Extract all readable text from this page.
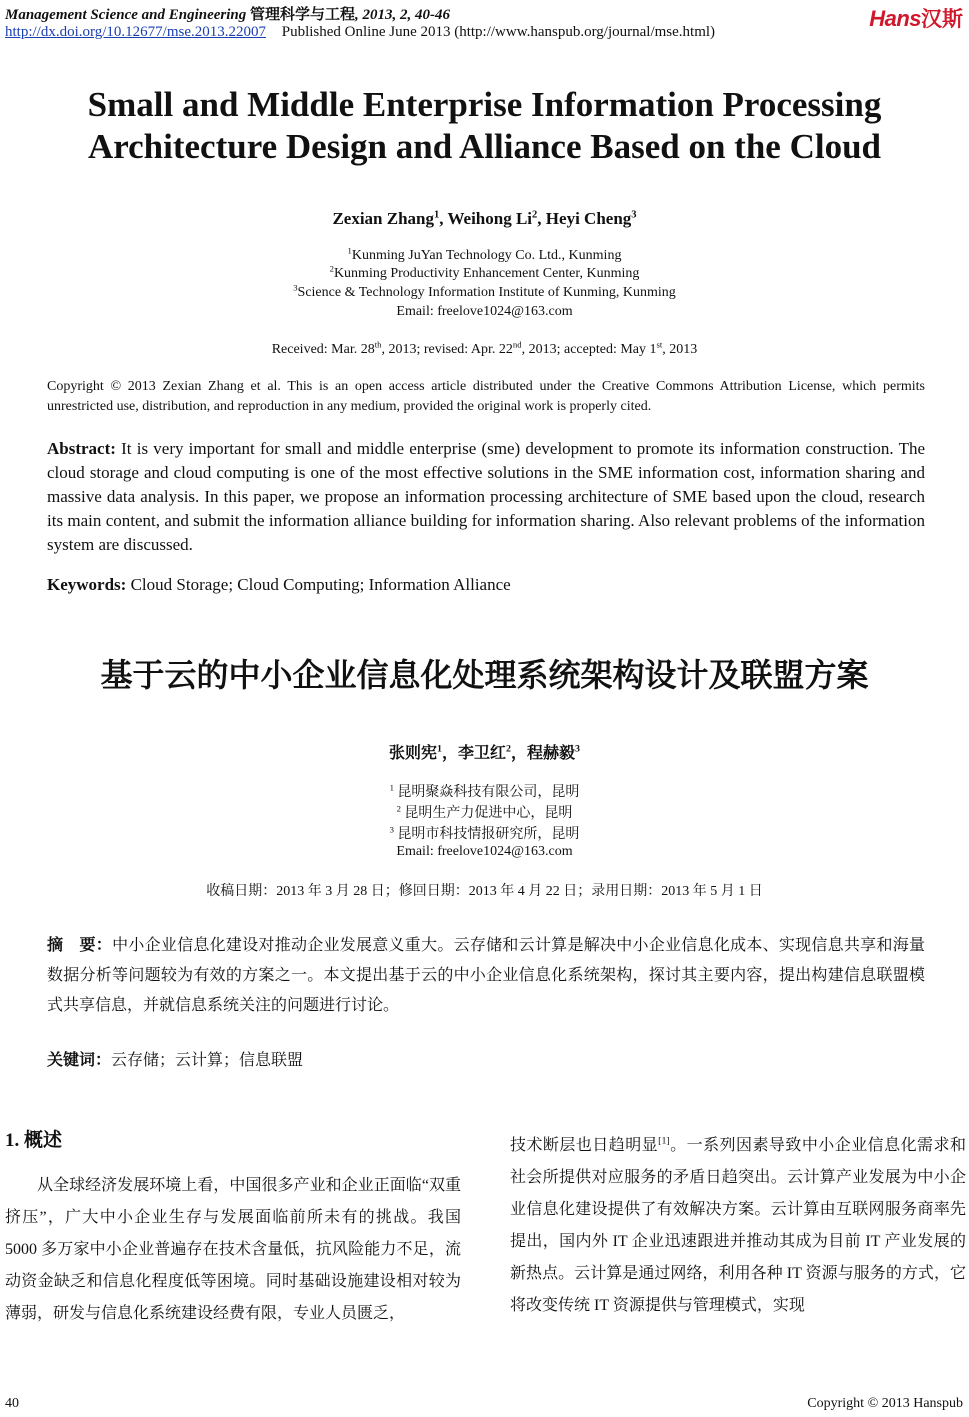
Management Science and Engineering 管理科学与工程, 2013, 2, 40-46
http://dx.doi.org/10.12677/mse.2013.22007 Published Online June 2013 (http://www.hanspub.org/journal/mse.html)
Hans汉斯
Small and Middle Enterprise Information Processing Architecture Design and Alliance Based on the Cloud
Zexian Zhang$^1$, Weihong Li$^2$, Heyi Cheng$^3$
$^1$Kunming JuYan Technology Co. Ltd., Kunming
$^2$Kunming Productivity Enhancement Center, Kunming
$^3$Science & Technology Information Institute of Kunming, Kunming
Email: freelove1024@163.com
Received: Mar. 28th, 2013; revised: Apr. 22nd, 2013; accepted: May 1st, 2013
Copyright © 2013 Zexian Zhang et al. This is an open access article distributed under the Creative Commons Attribution License, which permits unrestricted use, distribution, and reproduction in any medium, provided the original work is properly cited.
Abstract: It is very important for small and middle enterprise (sme) development to promote its information construction. The cloud storage and cloud computing is one of the most effective solutions in the SME information cost, information sharing and massive data analysis. In this paper, we propose an information processing architecture of SME based upon the cloud, research its main content, and submit the information alliance building for information sharing. Also relevant problems of the information system are discussed.
Keywords: Cloud Storage; Cloud Computing; Information Alliance
基于云的中小企业信息化处理系统架构设计及联盟方案
张则宪$^1$，李卫红$^2$，程赫毅$^3$
$^1$ 昆明聚焱科技有限公司，昆明
$^2$ 昆明生产力促进中心，昆明
$^3$ 昆明市科技情报研究所，昆明
Email: freelove1024@163.com
收稿日期：2013 年 3 月 28 日；修回日期：2013 年 4 月 22 日；录用日期：2013 年 5 月 1 日
摘　要：中小企业信息化建设对推动企业发展意义重大。云存储和云计算是解决中小企业信息化成本、实现信息共享和海量数据分析等问题较为有效的方案之一。本文提出基于云的中小企业信息化系统架构，探讨其主要内容，提出构建信息联盟模式共享信息，并就信息系统关注的问题进行讨论。
关键词：云存储；云计算；信息联盟
1. 概述

从全球经济发展环境上看，中国很多产业和企业正面临“双重挤压”，广大中小企业生存与发展面临前所未有的挑战。我国 5000 多万家中小企业普遍存在技术含量低，抗风险能力不足，流动资金缺乏和信息化程度低等困境。同时基础设施建设相对较为薄弱，研发与信息化系统建设经费有限，专业人员匮乏，

技术断层也日趋明显[1]。一系列因素导致中小企业信息化需求和社会所提供对应服务的矛盾日趋突出。云计算产业发展为中小企业信息化建设提供了有效解决方案。云计算由互联网服务商率先提出，国内外 IT 企业迅速跟进并推动其成为目前 IT 产业发展的新热点。云计算是通过网络，利用各种 IT 资源与服务的方式，它将改变传统 IT 资源提供与管理模式，实现

40	Copyright © 2013 Hanspub
